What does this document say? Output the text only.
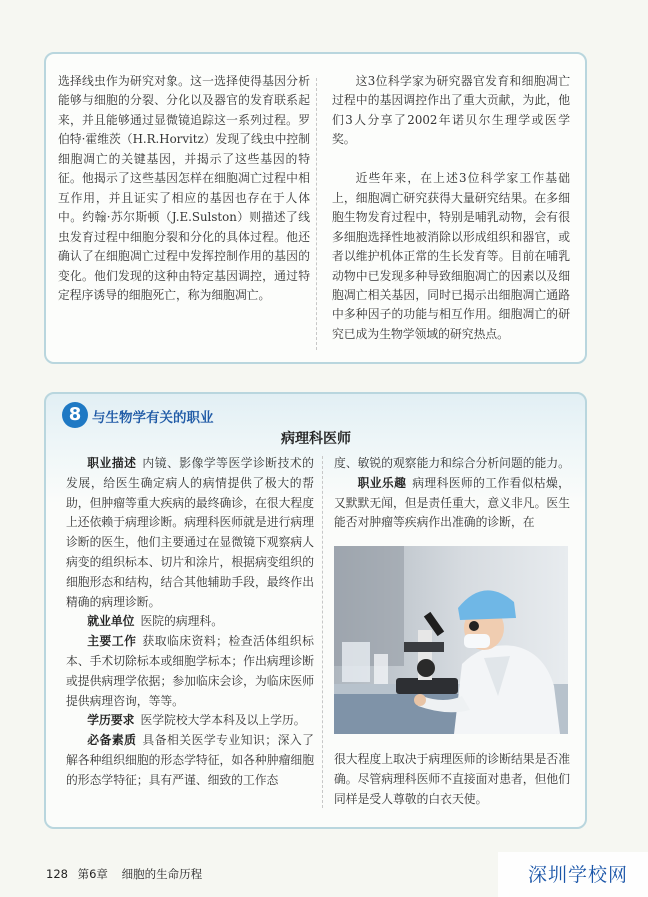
选择线虫作为研究对象。这一选择使得基因分析能够与细胞的分裂、分化以及器官的发育联系起来，并且能够通过显微镜追踪这一系列过程。罗伯特·霍维茨（H.R.Horvitz）发现了线虫中控制细胞凋亡的关键基因，并揭示了这些基因的特征。他揭示了这些基因怎样在细胞凋亡过程中相互作用，并且证实了相应的基因也存在于人体中。约翰·苏尔斯顿（J.E.Sulston）则描述了线虫发育过程中细胞分裂和分化的具体过程。他还确认了在细胞凋亡过程中发挥控制作用的基因的变化。他们发现的这种由特定基因调控，通过特定程序诱导的细胞死亡，称为细胞凋亡。

这3位科学家为研究器官发育和细胞凋亡过程中的基因调控作出了重大贡献，为此，他们3人分享了2002年诺贝尔生理学或医学奖。

近些年来，在上述3位科学家工作基础上，细胞凋亡研究获得大量研究结果。在多细胞生物发育过程中，特别是哺乳动物，会有很多细胞选择性地被消除以形成组织和器官，或者以维护机体正常的生长发育等。目前在哺乳动物中已发现多种导致细胞凋亡的因素以及细胞凋亡相关基因，同时已揭示出细胞凋亡通路中多种因子的功能与相互作用。细胞凋亡的研究已成为生物学领域的研究热点。

8 与生物学有关的职业
病理科医师

职业描述 内镜、影像学等医学诊断技术的发展，给医生确定病人的病情提供了极大的帮助，但肿瘤等重大疾病的最终确诊，在很大程度上还依赖于病理诊断。病理科医师就是进行病理诊断的医生，他们主要通过在显微镜下观察病人病变的组织标本、切片和涂片，根据病变组织的细胞形态和结构，结合其他辅助手段，最终作出精确的病理诊断。

就业单位 医院的病理科。

主要工作 获取临床资料；检查活体组织标本、手术切除标本或细胞学标本；作出病理诊断或提供病理学依据；参加临床会诊，为临床医师提供病理咨询，等等。

学历要求 医学院校大学本科及以上学历。

必备素质 具备相关医学专业知识；深入了解各种组织细胞的形态学特征，如各种肿瘤细胞的形态学特征；具有严谨、细致的工作态

度、敏锐的观察能力和综合分析问题的能力。

职业乐趣 病理科医师的工作看似枯燥，又默默无闻，但是责任重大，意义非凡。医生能否对肿瘤等疾病作出准确的诊断，在

很大程度上取决于病理医师的诊断结果是否准确。尽管病理科医师不直接面对患者，但他们同样是受人尊敬的白衣天使。

128 第6章 细胞的生命历程	深圳学校网
